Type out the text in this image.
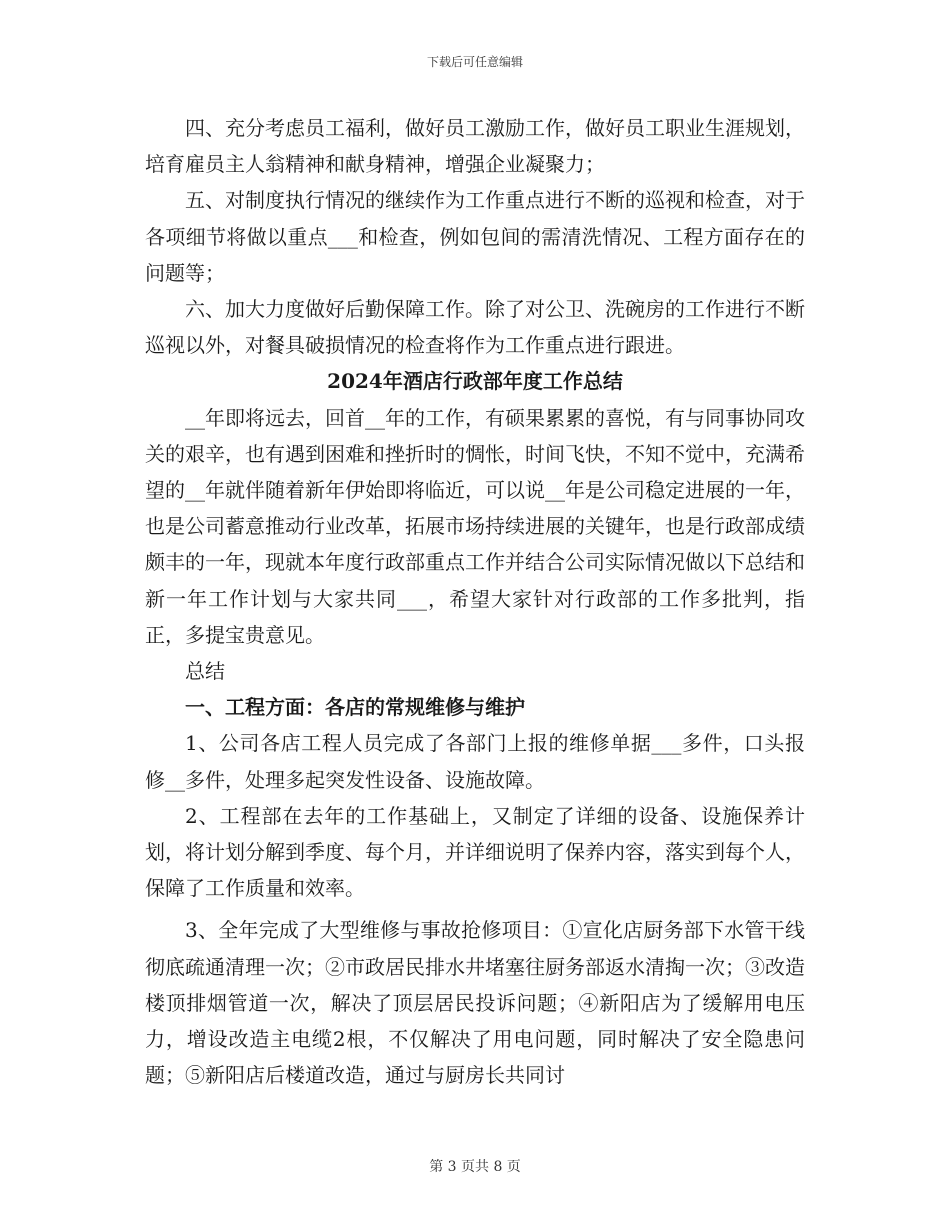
下载后可任意编辑

四、充分考虑员工福利，做好员工激励工作，做好员工职业生涯规划，培育雇员主人翁精神和献身精神，增强企业凝聚力；

五、对制度执行情况的继续作为工作重点进行不断的巡视和检查，对于各项细节将做以重点___和检查，例如包间的需清洗情况、工程方面存在的问题等；

六、加大力度做好后勤保障工作。除了对公卫、洗碗房的工作进行不断巡视以外，对餐具破损情况的检查将作为工作重点进行跟进。

2024年酒店行政部年度工作总结

__年即将远去，回首__年的工作，有硕果累累的喜悦，有与同事协同攻关的艰辛，也有遇到困难和挫折时的惆怅，时间飞快，不知不觉中，充满希望的__年就伴随着新年伊始即将临近，可以说__年是公司稳定进展的一年，也是公司蓄意推动行业改革，拓展市场持续进展的关键年，也是行政部成绩颇丰的一年，现就本年度行政部重点工作并结合公司实际情况做以下总结和新一年工作计划与大家共同___，希望大家针对行政部的工作多批判，指正，多提宝贵意见。

总结

一、工程方面：各店的常规维修与维护

1、公司各店工程人员完成了各部门上报的维修单据___多件，口头报修__多件，处理多起突发性设备、设施故障。

2、工程部在去年的工作基础上，又制定了详细的设备、设施保养计划，将计划分解到季度、每个月，并详细说明了保养内容，落实到每个人，保障了工作质量和效率。

3、全年完成了大型维修与事故抢修项目：①宣化店厨务部下水管干线彻底疏通清理一次；②市政居民排水井堵塞往厨务部返水清掏一次；③改造楼顶排烟管道一次，解决了顶层居民投诉问题；④新阳店为了缓解用电压力，增设改造主电缆2根，不仅解决了用电问题，同时解决了安全隐患问题；⑤新阳店后楼道改造，通过与厨房长共同讨

第 3 页共 8 页
